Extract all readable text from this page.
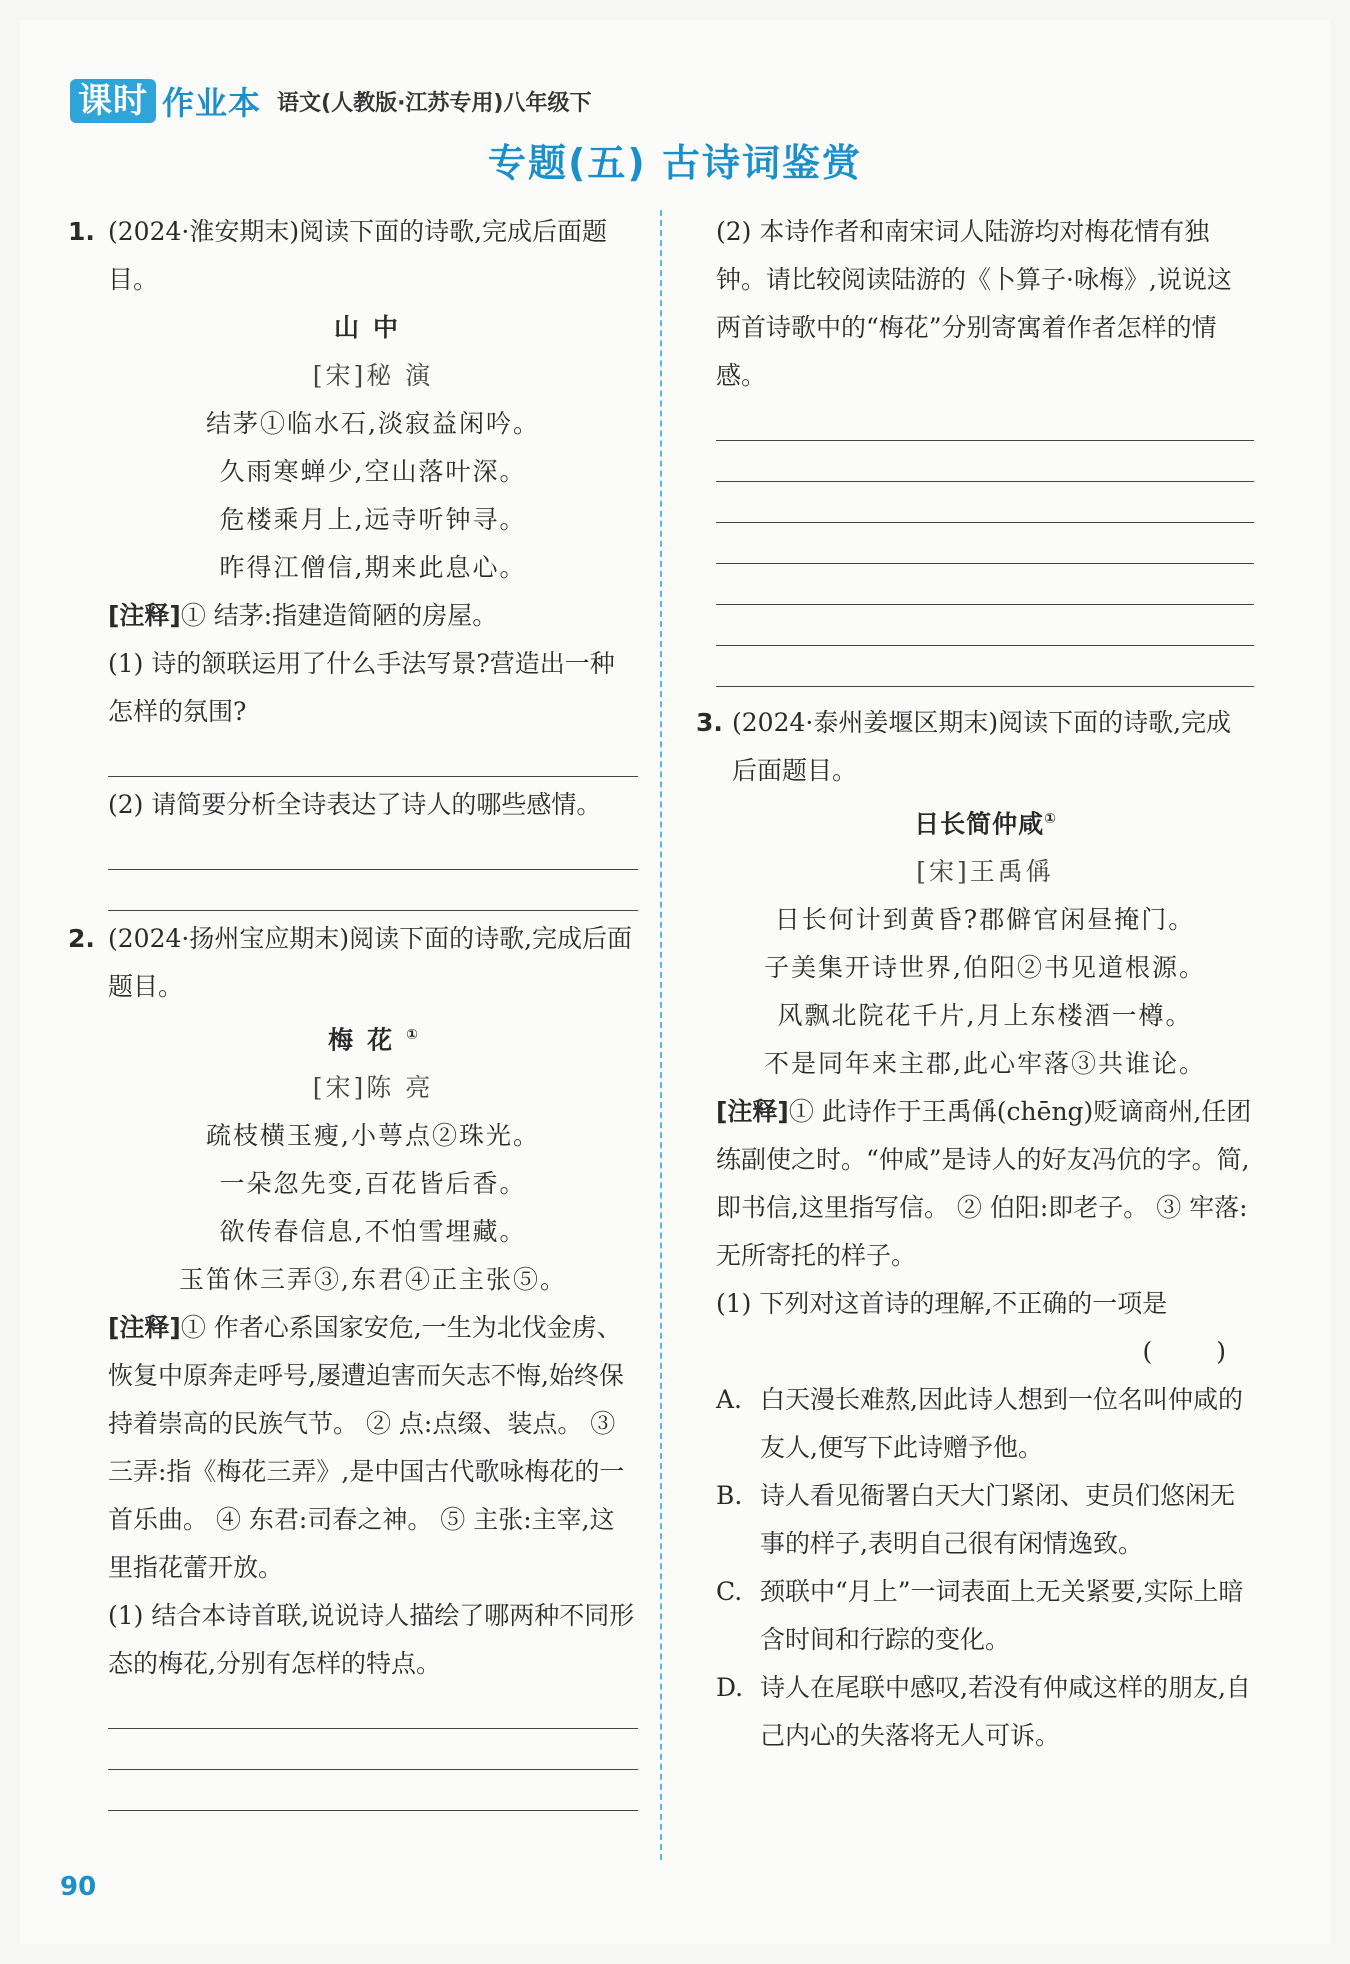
课时 作业本 语文(人教版·江苏专用)八年级下
专题(五) 古诗词鉴赏
1. (2024·淮安期末)阅读下面的诗歌,完成后面题目。
山中
[宋]秘 演
结茅①临水石,淡寂益闲吟。
久雨寒蝉少,空山落叶深。
危楼乘月上,远寺听钟寻。
昨得江僧信,期来此息心。
[注释]① 结茅:指建造简陋的房屋。
(1) 诗的颔联运用了什么手法写景?营造出一种怎样的氛围?
(2) 请简要分析全诗表达了诗人的哪些感情。
2. (2024·扬州宝应期末)阅读下面的诗歌,完成后面题目。
梅花①
[宋]陈 亮
疏枝横玉瘦,小萼点②珠光。
一朵忽先变,百花皆后香。
欲传春信息,不怕雪埋藏。
玉笛休三弄③,东君④正主张⑤。
[注释]① 作者心系国家安危,一生为北伐金虏、恢复中原奔走呼号,屡遭迫害而矢志不悔,始终保持着崇高的民族气节。 ② 点:点缀、装点。 ③ 三弄:指《梅花三弄》,是中国古代歌咏梅花的一首乐曲。 ④ 东君:司春之神。 ⑤ 主张:主宰,这里指花蕾开放。
(1) 结合本诗首联,说说诗人描绘了哪两种不同形态的梅花,分别有怎样的特点。
(2) 本诗作者和南宋词人陆游均对梅花情有独钟。请比较阅读陆游的《卜算子·咏梅》,说说这两首诗歌中的“梅花”分别寄寓着作者怎样的情感。
3. (2024·泰州姜堰区期末)阅读下面的诗歌,完成后面题目。
日长简仲咸①
[宋]王禹偁
日长何计到黄昏?郡僻官闲昼掩门。
子美集开诗世界,伯阳②书见道根源。
风飘北院花千片,月上东楼酒一樽。
不是同年来主郡,此心牢落③共谁论。
[注释]① 此诗作于王禹偁(chēng)贬谪商州,任团练副使之时。“仲咸”是诗人的好友冯伉的字。简,即书信,这里指写信。 ② 伯阳:即老子。 ③ 牢落:无所寄托的样子。
(1) 下列对这首诗的理解,不正确的一项是
( )
A. 白天漫长难熬,因此诗人想到一位名叫仲咸的友人,便写下此诗赠予他。
B. 诗人看见衙署白天大门紧闭、吏员们悠闲无事的样子,表明自己很有闲情逸致。
C. 颈联中“月上”一词表面上无关紧要,实际上暗含时间和行踪的变化。
D. 诗人在尾联中感叹,若没有仲咸这样的朋友,自己内心的失落将无人可诉。
90
